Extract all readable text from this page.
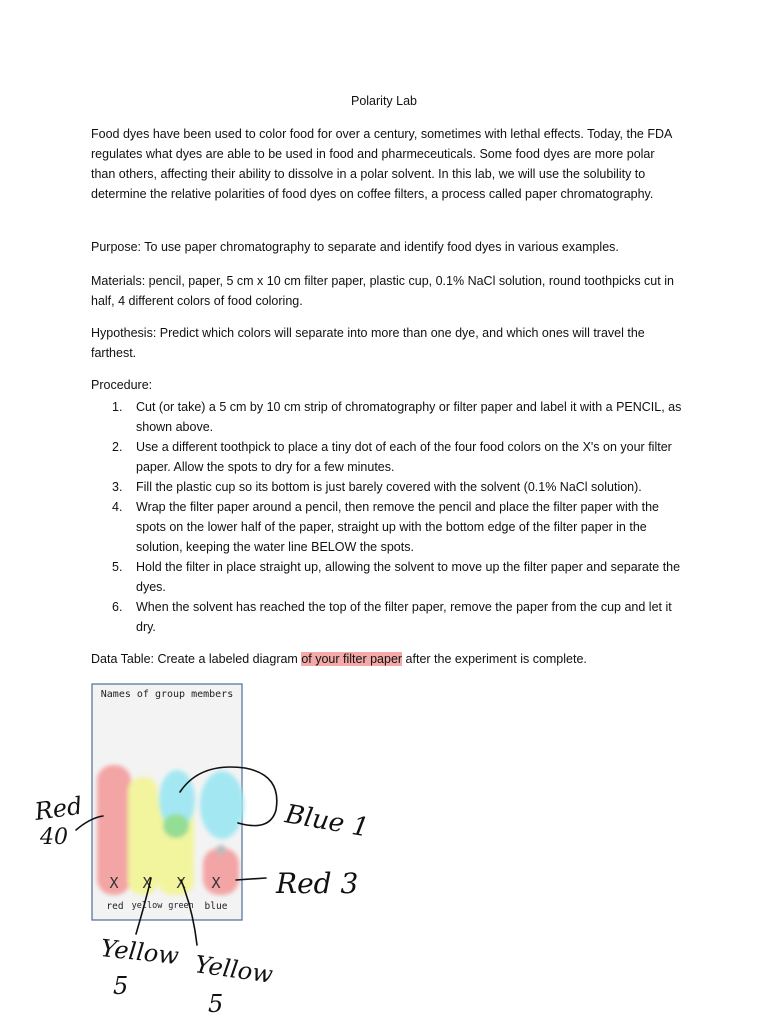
Polarity Lab
Food dyes have been used to color food for over a century, sometimes with lethal effects. Today, the FDA regulates what dyes are able to be used in food and pharmeceuticals. Some food dyes are more polar than others, affecting their ability to dissolve in a polar solvent. In this lab, we will use the solubility to determine the relative polarities of food dyes on coffee filters, a process called paper chromatography.
Purpose: To use paper chromatography to separate and identify food dyes in various examples.
Materials: pencil, paper, 5 cm x 10 cm filter paper, plastic cup, 0.1% NaCl solution, round toothpicks cut in half, 4 different colors of food coloring.
Hypothesis: Predict which colors will separate into more than one dye, and which ones will travel the farthest.
Procedure:
1. Cut (or take) a 5 cm by 10 cm strip of chromatography or filter paper and label it with a PENCIL, as shown above.
2. Use a different toothpick to place a tiny dot of each of the four food colors on the X's on your filter paper. Allow the spots to dry for a few minutes.
3. Fill the plastic cup so its bottom is just barely covered with the solvent (0.1% NaCl solution).
4. Wrap the filter paper around a pencil, then remove the pencil and place the filter paper with the spots on the lower half of the paper, straight up with the bottom edge of the filter paper in the solution, keeping the water line BELOW the spots.
5. Hold the filter in place straight up, allowing the solvent to move up the filter paper and separate the dyes.
6. When the solvent has reached the top of the filter paper, remove the paper from the cup and let it dry.
Data Table: Create a labeled diagram of your filter paper after the experiment is complete.
Names of group members
X X X X
red yellow green blue
Red
40	Blue 1
Red 3
Yellow
5	Yellow
5
